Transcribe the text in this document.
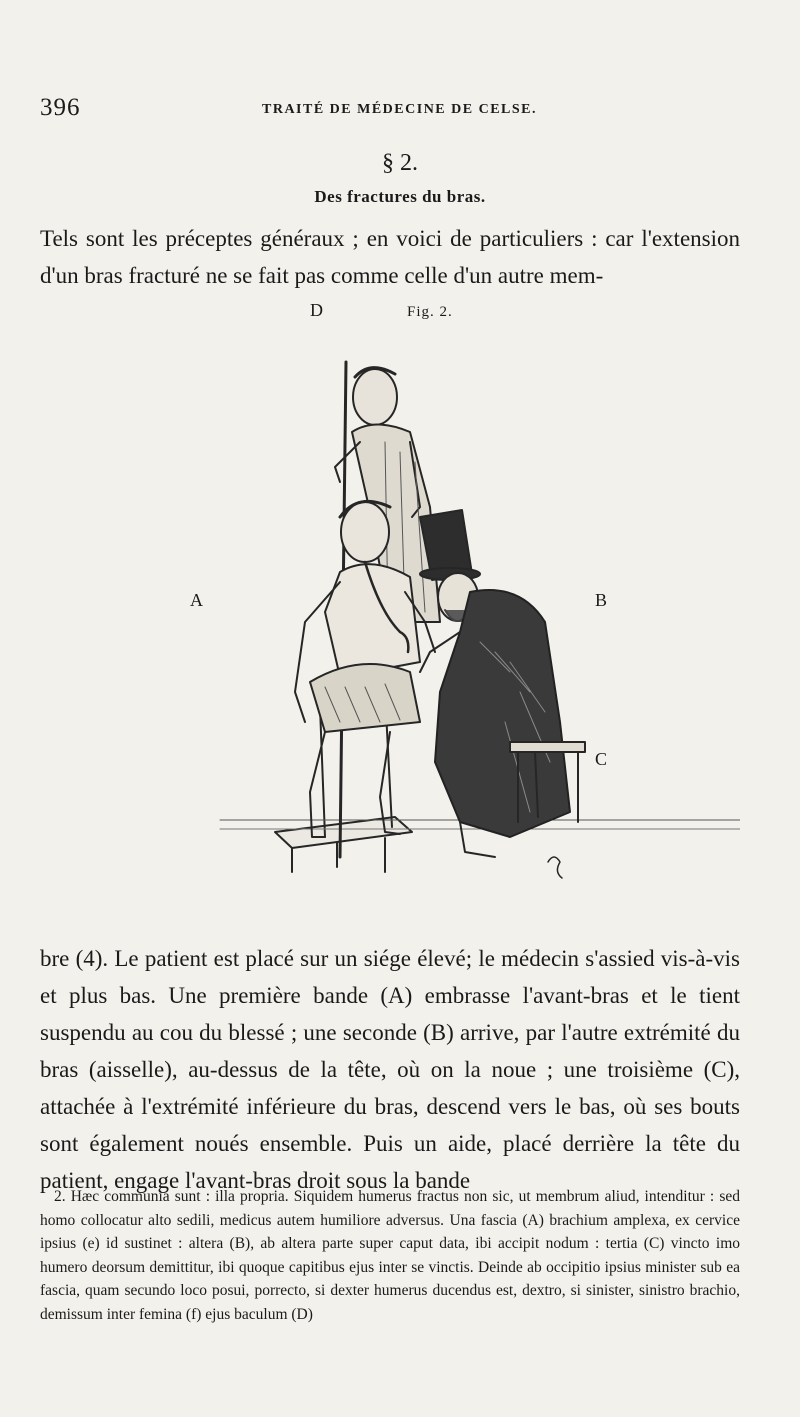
396	TRAITÉ DE MÉDECINE DE CELSE.
§ 2.
Des fractures du bras.

Tels sont les préceptes généraux ; en voici de particuliers : car l'extension d'un bras fracturé ne se fait pas comme celle d'un autre mem-

D	Fig. 2.
A	B
C

bre (4). Le patient est placé sur un siége élevé; le médecin s'assied vis-à-vis et plus bas. Une première bande (A) embrasse l'avant-bras et le tient suspendu au cou du blessé ; une seconde (B) arrive, par l'autre extrémité du bras (aisselle), au-dessus de la tête, où on la noue ; une troisième (C), attachée à l'extrémité inférieure du bras, descend vers le bas, où ses bouts sont également noués ensemble. Puis un aide, placé derrière la tête du patient, engage l'avant-bras droit sous la bande

2. Hæc communia sunt : illa propria. Siquidem humerus fractus non sic, ut membrum aliud, intenditur : sed homo collocatur alto sedili, medicus autem humiliore adversus. Una fascia (A) brachium amplexa, ex cervice ipsius (e) id sustinet : altera (B), ab altera parte super caput data, ibi accipit nodum : tertia (C) vincto imo humero deorsum demittitur, ibi quoque capitibus ejus inter se vinctis. Deinde ab occipitio ipsius minister sub ea fascia, quam secundo loco posui, porrecto, si dexter humerus ducendus est, dextro, si sinister, sinistro brachio, demissum inter femina (f) ejus baculum (D)
